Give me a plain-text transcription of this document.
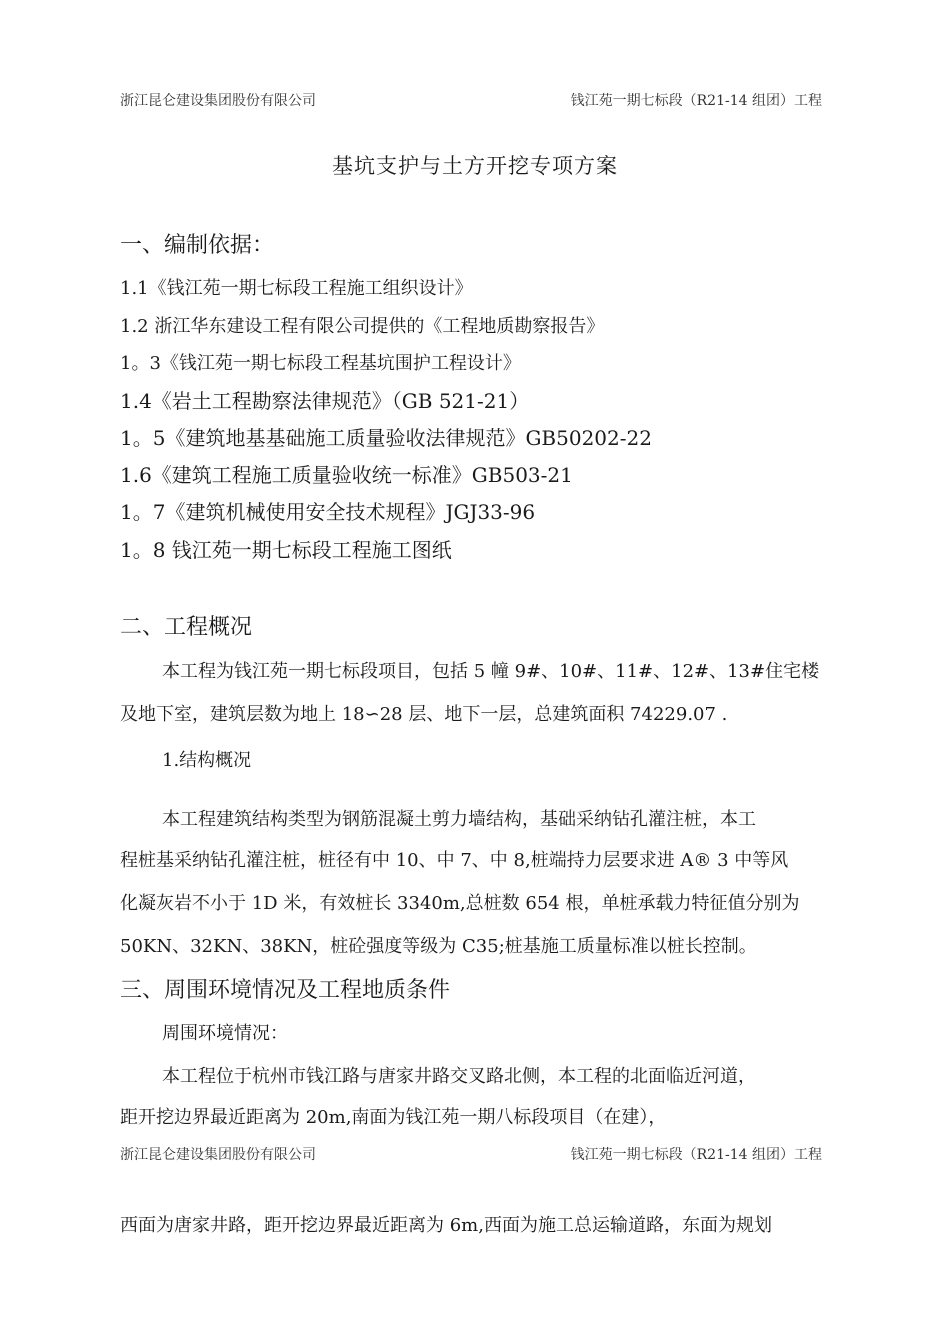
浙江昆仑建设集团股份有限公司	钱江苑一期七标段（R21-14 组团）工程
基坑支护与土方开挖专项方案
一、编制依据：
1.1《钱江苑一期七标段工程施工组织设计》
1.2 浙江华东建设工程有限公司提供的《工程地质勘察报告》
1。3《钱江苑一期七标段工程基坑围护工程设计》
1.4《岩土工程勘察法律规范》（GB 521-21）
1。5《建筑地基基础施工质量验收法律规范》GB50202-22
1.6《建筑工程施工质量验收统一标准》GB503-21
1。7《建筑机械使用安全技术规程》JGJ33-96
1。8 钱江苑一期七标段工程施工图纸
二、工程概况
本工程为钱江苑一期七标段项目，包括 5 幢 9#、10#、11#、12#、13#住宅楼
及地下室，建筑层数为地上 18∽28 层、地下一层，总建筑面积 74229.07 .
1.结构概况
本工程建筑结构类型为钢筋混凝土剪力墙结构，基础采纳钻孔灌注桩，本工
程桩基采纳钻孔灌注桩，桩径有中 10、中 7、中 8,桩端持力层要求进 A® 3 中等风
化凝灰岩不小于 1D 米，有效桩长 3340m,总桩数 654 根，单桩承载力特征值分别为
50KN、32KN、38KN，桩砼强度等级为 C35;桩基施工质量标准以桩长控制。
三、周围环境情况及工程地质条件
周围环境情况：
本工程位于杭州市钱江路与唐家井路交叉路北侧，本工程的北面临近河道，
距开挖边界最近距离为 20m,南面为钱江苑一期八标段项目（在建），
浙江昆仑建设集团股份有限公司	钱江苑一期七标段（R21-14 组团）工程
西面为唐家井路，距开挖边界最近距离为 6m,西面为施工总运输道路，东面为规划
